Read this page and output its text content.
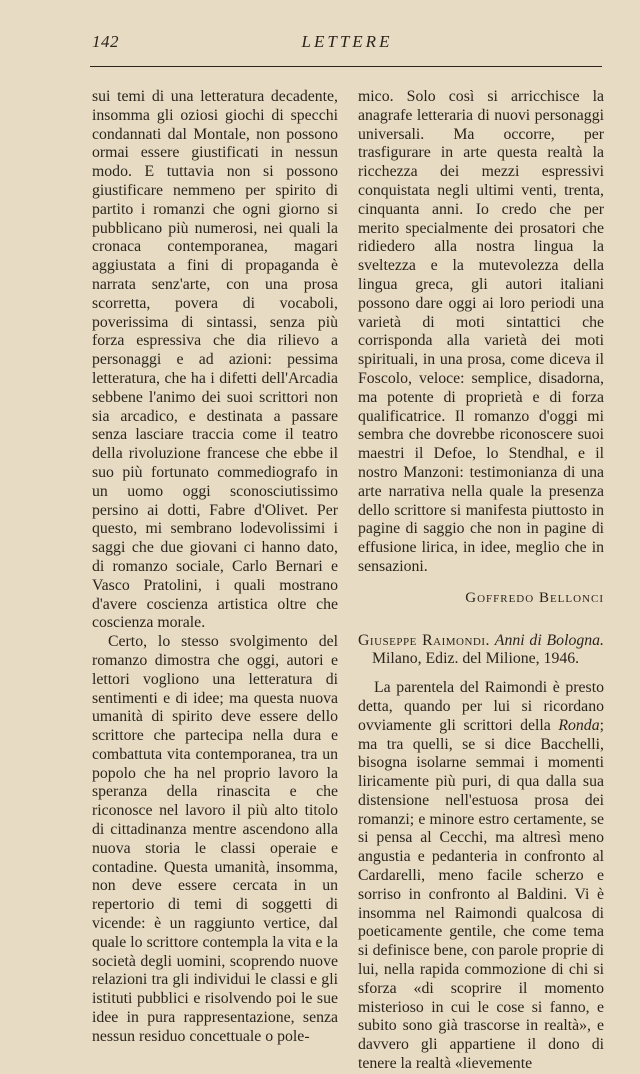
142	LETTERE

sui temi di una letteratura decadente, insomma gli oziosi giochi di specchi condannati dal Montale, non possono ormai essere giustificati in nessun modo. E tuttavia non si possono giustificare nemmeno per spirito di partito i romanzi che ogni giorno si pubblicano più numerosi, nei quali la cronaca contemporanea, magari aggiustata a fini di propaganda è narrata senz'arte, con una prosa scorretta, povera di vocaboli, poverissima di sintassi, senza più forza espressiva che dia rilievo a personaggi e ad azioni: pessima letteratura, che ha i difetti dell'Arcadia sebbene l'animo dei suoi scrittori non sia arcadico, e destinata a passare senza lasciare traccia come il teatro della rivoluzione francese che ebbe il suo più fortunato commediografo in un uomo oggi sconosciutissimo persino ai dotti, Fabre d'Olivet. Per questo, mi sembrano lodevolissimi i saggi che due giovani ci hanno dato, di romanzo sociale, Carlo Bernari e Vasco Pratolini, i quali mostrano d'avere coscienza artistica oltre che coscienza morale.

Certo, lo stesso svolgimento del romanzo dimostra che oggi, autori e lettori vogliono una letteratura di sentimenti e di idee; ma questa nuova umanità di spirito deve essere dello scrittore che partecipa nella dura e combattuta vita contemporanea, tra un popolo che ha nel proprio lavoro la speranza della rinascita e che riconosce nel lavoro il più alto titolo di cittadinanza mentre ascendono alla nuova storia le classi operaie e contadine. Questa umanità, insomma, non deve essere cercata in un repertorio di temi di soggetti di vicende: è un raggiunto vertice, dal quale lo scrittore contempla la vita e la società degli uomini, scoprendo nuove relazioni tra gli individui le classi e gli istituti pubblici e risolvendo poi le sue idee in pura rappresentazione, senza nessun residuo concettuale o pole-

mico. Solo così si arricchisce la anagrafe letteraria di nuovi personaggi universali. Ma occorre, per trasfigurare in arte questa realtà la ricchezza dei mezzi espressivi conquistata negli ultimi venti, trenta, cinquanta anni. Io credo che per merito specialmente dei prosatori che ridiedero alla nostra lingua la sveltezza e la mutevolezza della lingua greca, gli autori italiani possono dare oggi ai loro periodi una varietà di moti sintattici che corrisponda alla varietà dei moti spirituali, in una prosa, come diceva il Foscolo, veloce: semplice, disadorna, ma potente di proprietà e di forza qualificatrice. Il romanzo d'oggi mi sembra che dovrebbe riconoscere suoi maestri il Defoe, lo Stendhal, e il nostro Manzoni: testimonianza di una arte narrativa nella quale la presenza dello scrittore si manifesta piuttosto in pagine di saggio che non in pagine di effusione lirica, in idee, meglio che in sensazioni.

Goffredo Bellonci

Giuseppe Raimondi. Anni di Bologna. Milano, Ediz. del Milione, 1946.

La parentela del Raimondi è presto detta, quando per lui si ricordano ovviamente gli scrittori della Ronda; ma tra quelli, se si dice Bacchelli, bisogna isolarne semmai i momenti liricamente più puri, di qua dalla sua distensione nell'estuosa prosa dei romanzi; e minore estro certamente, se si pensa al Cecchi, ma altresì meno angustia e pedanteria in confronto al Cardarelli, meno facile scherzo e sorriso in confronto al Baldini. Vi è insomma nel Raimondi qualcosa di poeticamente gentile, che come tema si definisce bene, con parole proprie di lui, nella rapida commozione di chi si sforza «di scoprire il momento misterioso in cui le cose si fanno, e subito sono già trascorse in realtà», e davvero gli appartiene il dono di tenere la realtà «lievemente
